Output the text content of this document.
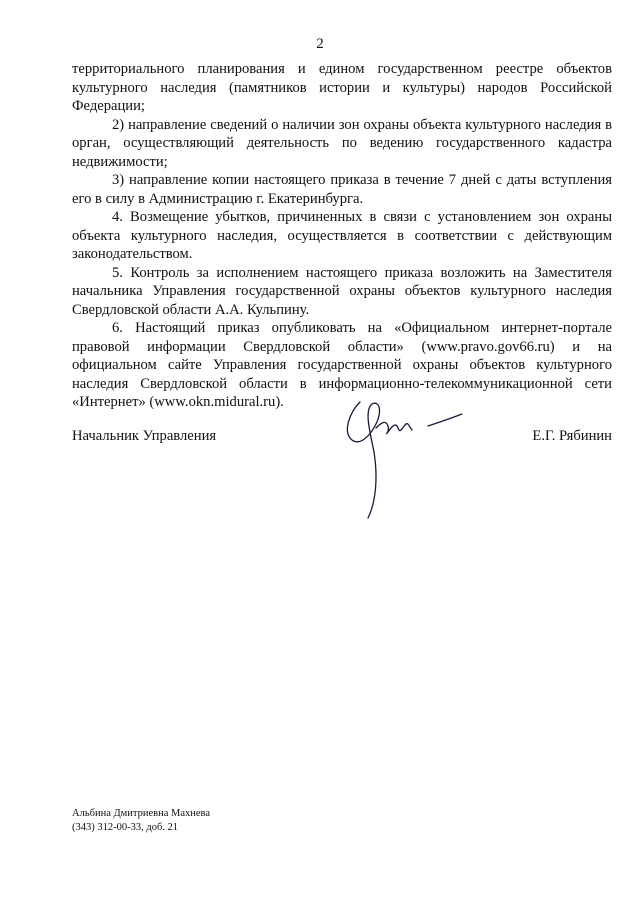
2

территориального планирования и едином государственном реестре объектов культурного наследия (памятников истории и культуры) народов Российской Федерации;

2) направление сведений о наличии зон охраны объекта культурного наследия в орган, осуществляющий деятельность по ведению государственного кадастра недвижимости;

3) направление копии настоящего приказа в течение 7 дней с даты вступления его в силу в Администрацию г. Екатеринбурга.

4. Возмещение убытков, причиненных в связи с установлением зон охраны объекта культурного наследия, осуществляется в соответствии с действующим законодательством.

5. Контроль за исполнением настоящего приказа возложить на Заместителя начальника Управления государственной охраны объектов культурного наследия Свердловской области А.А. Кульпину.

6. Настоящий приказ опубликовать на «Официальном интернет-портале правовой информации Свердловской области» (www.pravo.gov66.ru) и на официальном сайте Управления государственной охраны объектов культурного наследия Свердловской области в информационно-телекоммуникационной сети «Интернет» (www.okn.midural.ru).

Начальник Управления	Е.Г. Рябинин
Альбина Дмитриевна Махнева
(343) 312-00-33, доб. 21
